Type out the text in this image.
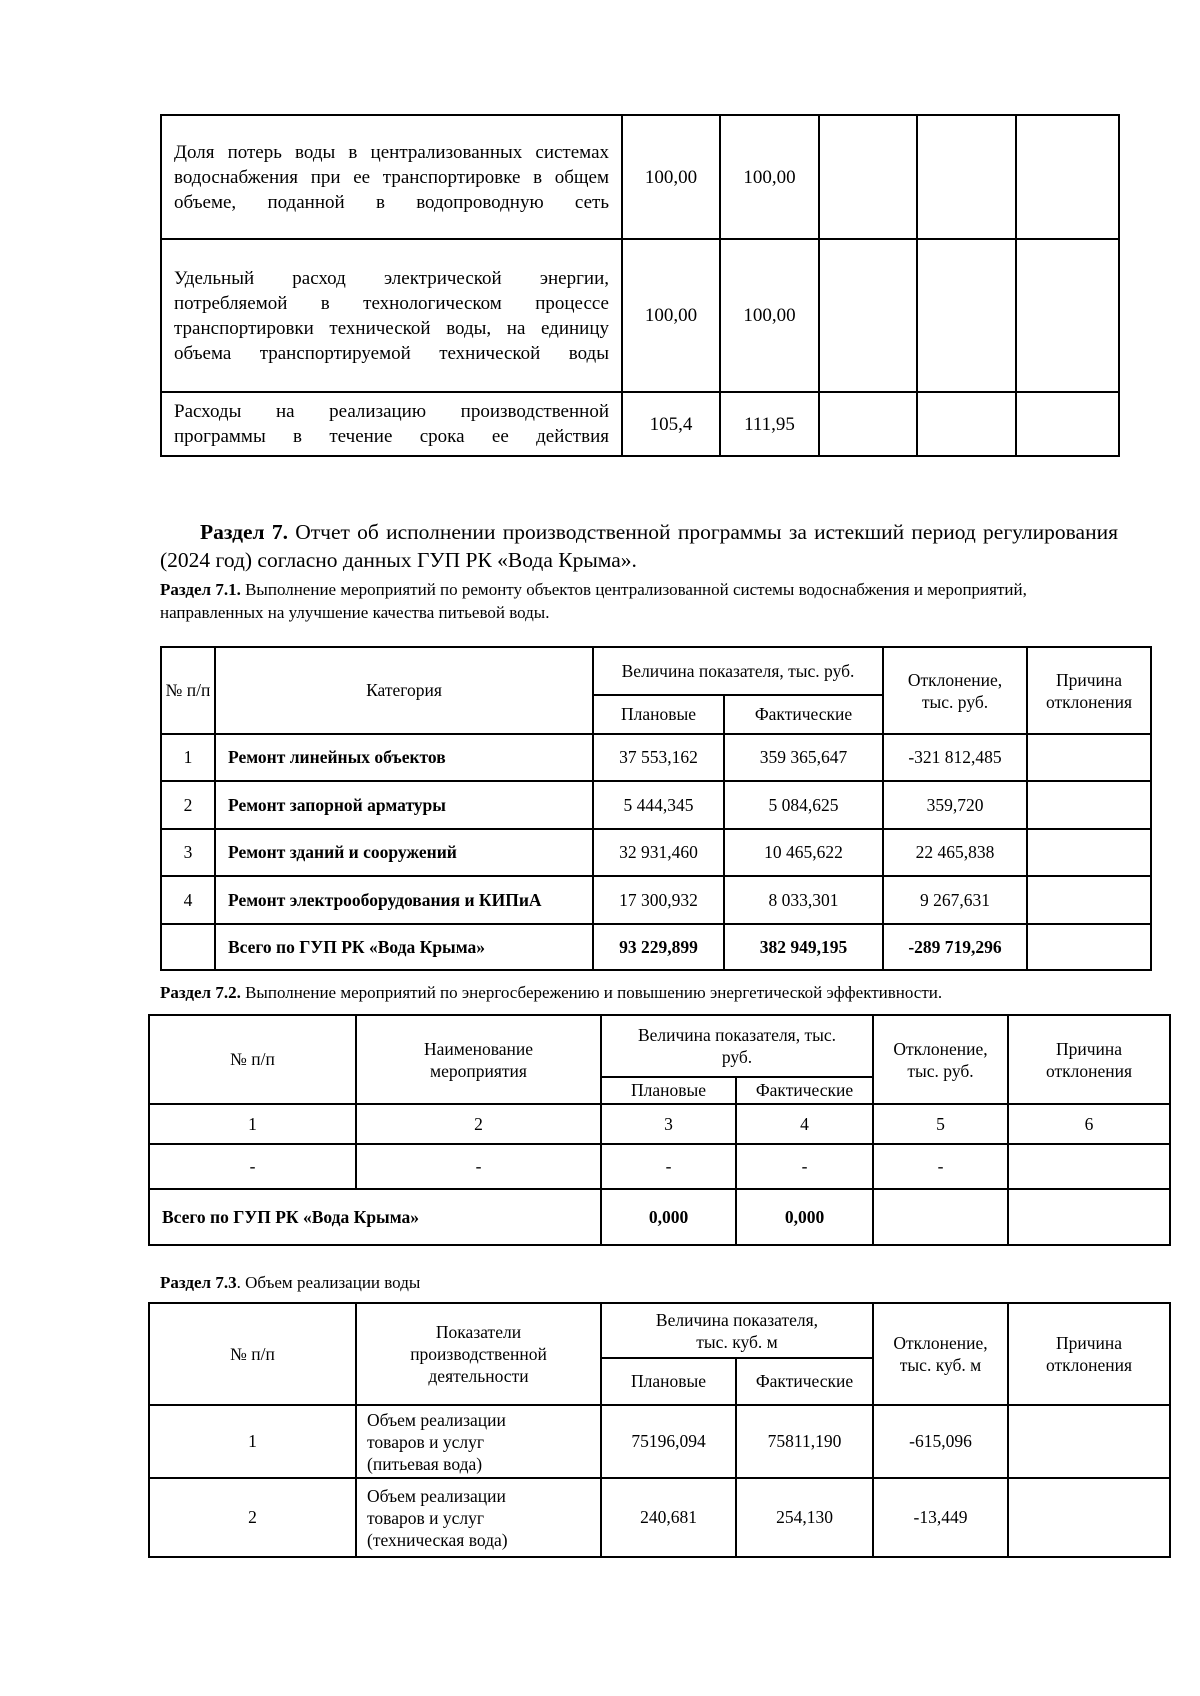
Доля потерь воды в централизованных системах водоснабжения при ее транспортировке в общем объеме, поданной в водопроводную сеть	100,00	100,00			
Удельный расход электрической энергии, потребляемой в технологическом процессе транспортировки технической воды, на единицу объема транспортируемой технической воды	100,00	100,00			
Расходы на реализацию производственной программы в течение срока ее действия	105,4	111,95			
Раздел 7. Отчет об исполнении производственной программы за истекший период регулирования (2024 год) согласно данных ГУП РК «Вода Крыма».
Раздел 7.1. Выполнение мероприятий по ремонту объектов централизованной системы водоснабжения и мероприятий, направленных на улучшение качества питьевой воды.
№ п/п	Категория	Величина показателя, тыс. руб.		Отклонение, тыс. руб.	Причина отклонения
		Плановые	Фактические		
1	Ремонт линейных объектов	37 553,162	359 365,647	-321 812,485	
2	Ремонт запорной арматуры	5 444,345	5 084,625	359,720	
3	Ремонт зданий и сооружений	32 931,460	10 465,622	22 465,838	
4	Ремонт электрооборудования и КИПиА	17 300,932	8 033,301	9 267,631	
	Всего по ГУП РК «Вода Крыма»	93 229,899	382 949,195	-289 719,296	
Раздел 7.2. Выполнение мероприятий по энергосбережению и повышению энергетической эффективности.
№ п/п	Наименование мероприятия	Величина показателя, тыс. руб.		Отклонение, тыс. руб.	Причина отклонения
		Плановые	Фактические		
1	2	3	4	5	6
-	-	-	-	-	
Всего по ГУП РК «Вода Крыма»		0,000	0,000		
Раздел 7.3. Объем реализации воды
№ п/п	Показатели производственной деятельности	Величина показателя, тыс. куб. м		Отклонение, тыс. куб. м	Причина отклонения
		Плановые	Фактические		
1	Объем реализации товаров и услуг (питьевая вода)	75196,094	75811,190	-615,096	
2	Объем реализации товаров и услуг (техническая вода)	240,681	254,130	-13,449	
